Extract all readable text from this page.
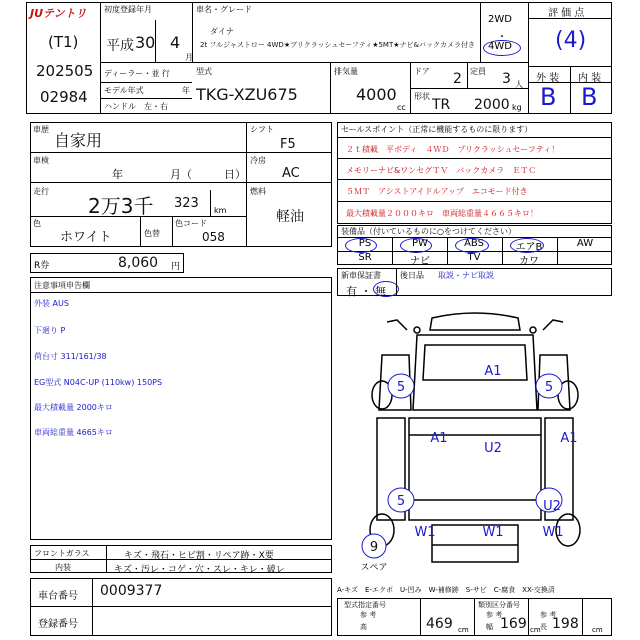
JUテントリ
(T1)
202505
02984
初度登録年月
平成 30 4
月
車名・グレード
ダイナ
2t フルジャストロー 4WD★ブリクラッシュセーフティ★5MT★ナビ&バックカメラ付き
2WD
・
4WD
評 価 点
(4)
外 装 内 装
B B
ディーラー・並 行
モデル年式	年
ハンドル　左・右
型式
TKG-XZU675
排気量
4000
cc
ドア 2 定員 3 人
形状
TR 2000 kg
車歴
自家用
車検
年	月（	日）
走行
2万3千 323 km
色
ホワイト	色替
色コード
058
シフト
F5
冷房
AC
燃料
軽油
R券	8,060 円
注意事項申告欄
外装 AUS
下廻り P
荷台寸 311/161/38
EG型式 N04C-UP (110kw) 150PS
最大積載量 2000キロ
車両総重量 4665キロ
セールスポイント（正常に機能するものに限ります）
２ｔ積載　平ボディ　４ＷＤ　プリクラッシュセーフティ！
メモリーナビ&ワンセグＴＶ　バックカメラ　ＥＴＣ
５ＭＴ　アシストアイドルアップ　エコモード付き
最大積載量２０００キロ　車両総重量４６６５キロ！
装備品（付いているものに○をつけてください）
PS	PW	ABS	エアB	AW
SR	ナビ	TV	カワ
新車保証書
有 ・ 無
後日品 取説・ナビ取説
A1
5	5
A1
U2
A1
5	U2
W1	W1	W1
9
スペア
フロントガラス	キズ・飛石・ヒビ割・リペア跡・X要
内装	キズ・汚レ・コゲ・穴・スレ・キレ・破レ
車台番号 0009377
登録番号
A-キズ　E-エクボ　U-凹み　W-補修跡　S-サビ　C-腐食　XX-交換済
型式指定番号
参 考
高	469 cm
類別区分番号
参 考
幅 169 cm
参 考
長 198 cm
